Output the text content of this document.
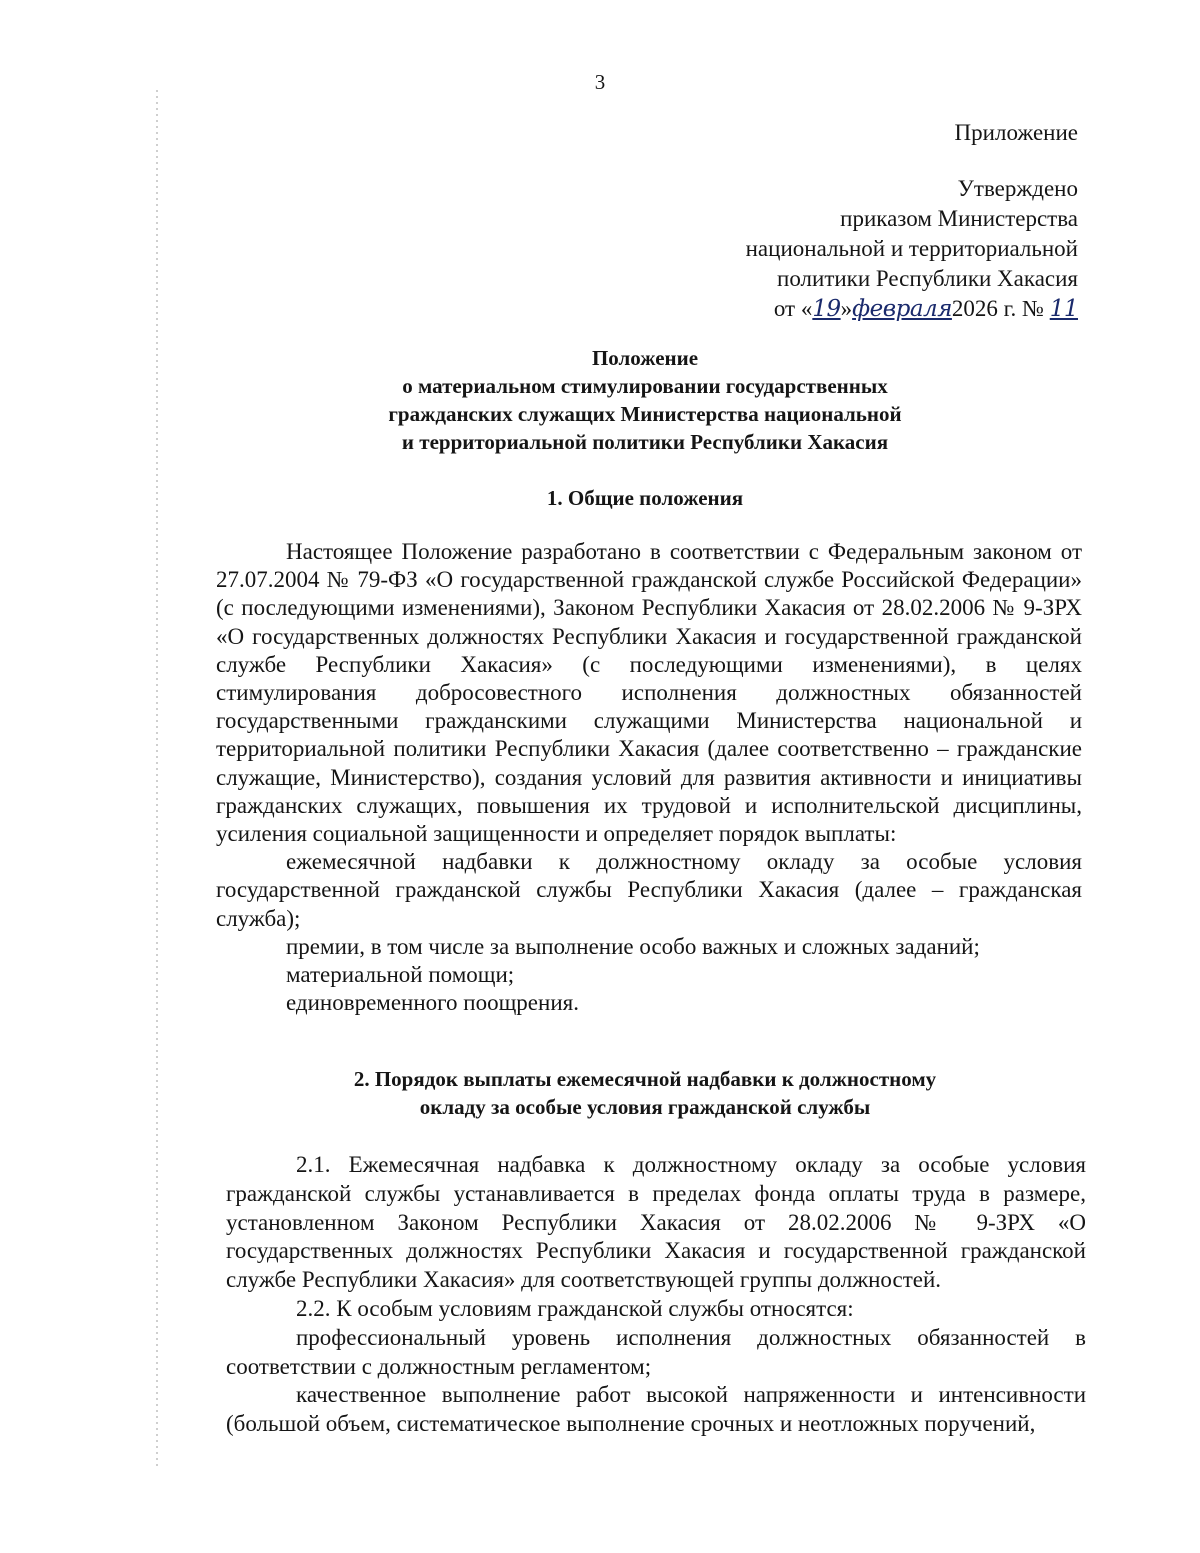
3
Приложение
Утверждено
приказом Министерства
национальной и территориальной
политики Республики Хакасия
от «19»февраля2026 г. № 11
Положение
о материальном стимулировании государственных
гражданских служащих Министерства национальной
и территориальной политики Республики Хакасия
1. Общие положения

Настоящее Положение разработано в соответствии с Федеральным законом от 27.07.2004 № 79-ФЗ «О государственной гражданской службе Российской Федерации» (с последующими изменениями), Законом Республики Хакасия от 28.02.2006 № 9-ЗРХ «О государственных должностях Республики Хакасия и государственной гражданской службе Республики Хакасия» (с последующими изменениями), в целях стимулирования добросовестного исполнения должностных обязанностей государственными гражданскими служащими Министерства национальной и территориальной политики Республики Хакасия (далее соответственно – гражданские служащие, Министерство), создания условий для развития активности и инициативы гражданских служащих, повышения их трудовой и исполнительской дисциплины, усиления социальной защищенности и определяет порядок выплаты:

ежемесячной надбавки к должностному окладу за особые условия государственной гражданской службы Республики Хакасия (далее – гражданская служба);

премии, в том числе за выполнение особо важных и сложных заданий;

материальной помощи;

единовременного поощрения.

2. Порядок выплаты ежемесячной надбавки к должностному
окладу за особые условия гражданской службы

2.1. Ежемесячная надбавка к должностному окладу за особые условия гражданской службы устанавливается в пределах фонда оплаты труда в размере, установленном Законом Республики Хакасия от 28.02.2006 № 9-ЗРХ «О государственных должностях Республики Хакасия и государственной гражданской службе Республики Хакасия» для соответствующей группы должностей.

2.2. К особым условиям гражданской службы относятся:

профессиональный уровень исполнения должностных обязанностей в соответствии с должностным регламентом;

качественное выполнение работ высокой напряженности и интенсивности (большой объем, систематическое выполнение срочных и неотложных поручений,
